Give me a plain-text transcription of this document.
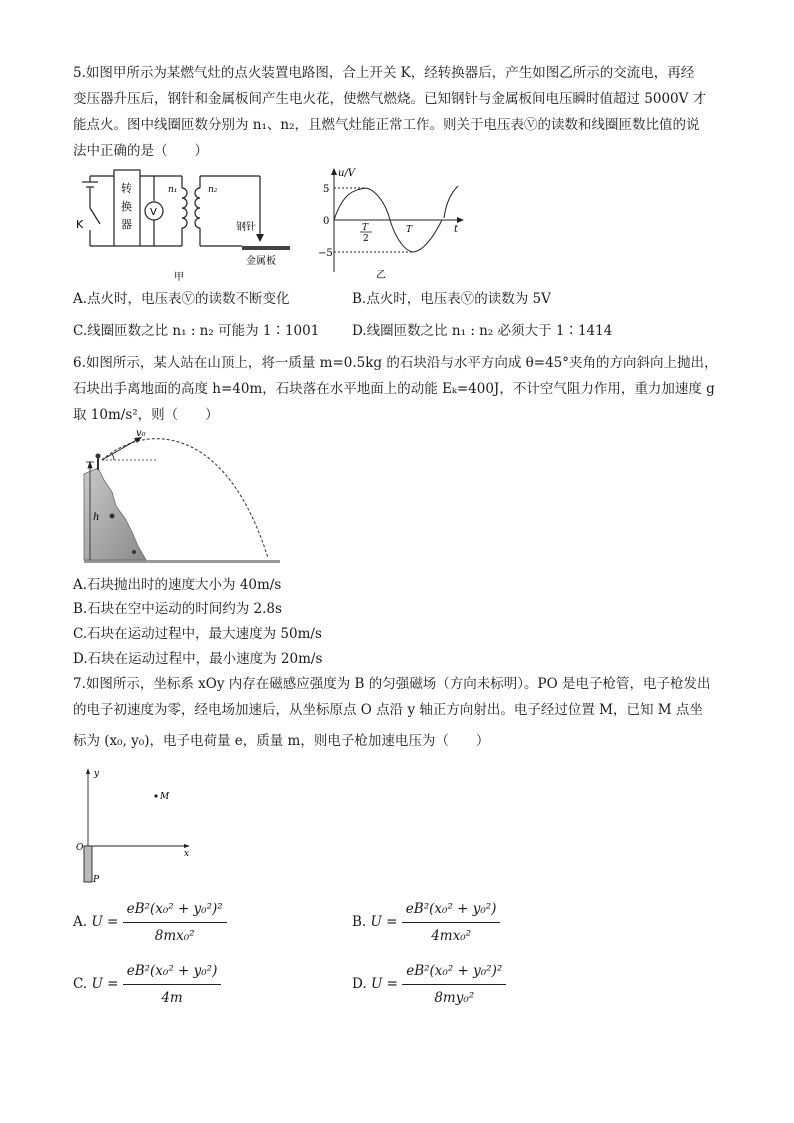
5.如图甲所示为某燃气灶的点火装置电路图，合上开关 K，经转换器后，产生如图乙所示的交流电，再经
变压器升压后，钢针和金属板间产生电火花，使燃气燃烧。已知钢针与金属板间电压瞬时值超过 5000V 才
能点火。图中线圈匝数分别为 n₁、n₂，且燃气灶能正常工作。则关于电压表Ⓥ的读数和线圈匝数比值的说
法中正确的是（　　）
K
转
换
器
V
n₁	n₂
钢针
金属板
甲
u/V
5
0
−5
T
2
T	t
乙
A.点火时，电压表Ⓥ的读数不断变化	B.点火时，电压表Ⓥ的读数为 5V
C.线圈匝数之比 n₁ : n₂ 可能为 1∶1001 D.线圈匝数之比 n₁ : n₂ 必须大于 1∶1414
6.如图所示，某人站在山顶上，将一质量 m=0.5kg 的石块沿与水平方向成 θ=45°夹角的方向斜向上抛出，
石块出手离地面的高度 h=40m，石块落在水平地面上的动能 Eₖ=400J，不计空气阻力作用，重力加速度 g
取 10m/s²，则（　　）
v₀
h
A.石块抛出时的速度大小为 40m/s
B.石块在空中运动的时间约为 2.8s
C.石块在运动过程中，最大速度为 50m/s
D.石块在运动过程中，最小速度为 20m/s
7.如图所示，坐标系 xOy 内存在磁感应强度为 B 的匀强磁场（方向未标明）。PO 是电子枪管，电子枪发出
的电子初速度为零，经电场加速后，从坐标原点 O 点沿 y 轴正方向射出。电子经过位置 M，已知 M 点坐
标为 (x₀, y₀)，电子电荷量 e，质量 m，则电子枪加速电压为（　　）
y
x
O
M
P
A. $U = \frac{\text{eB²(x₀² + y₀²)²}}{\text{8mx₀²}}$	B. $U = \frac{\text{eB²(x₀² + y₀²)}}{\text{4mx₀²}}$
C. $U = \frac{\text{eB²(x₀² + y₀²)}}{4m}$	D. $U = \frac{\text{eB²(x₀² + y₀²)²}}{\text{8my₀²}}$
